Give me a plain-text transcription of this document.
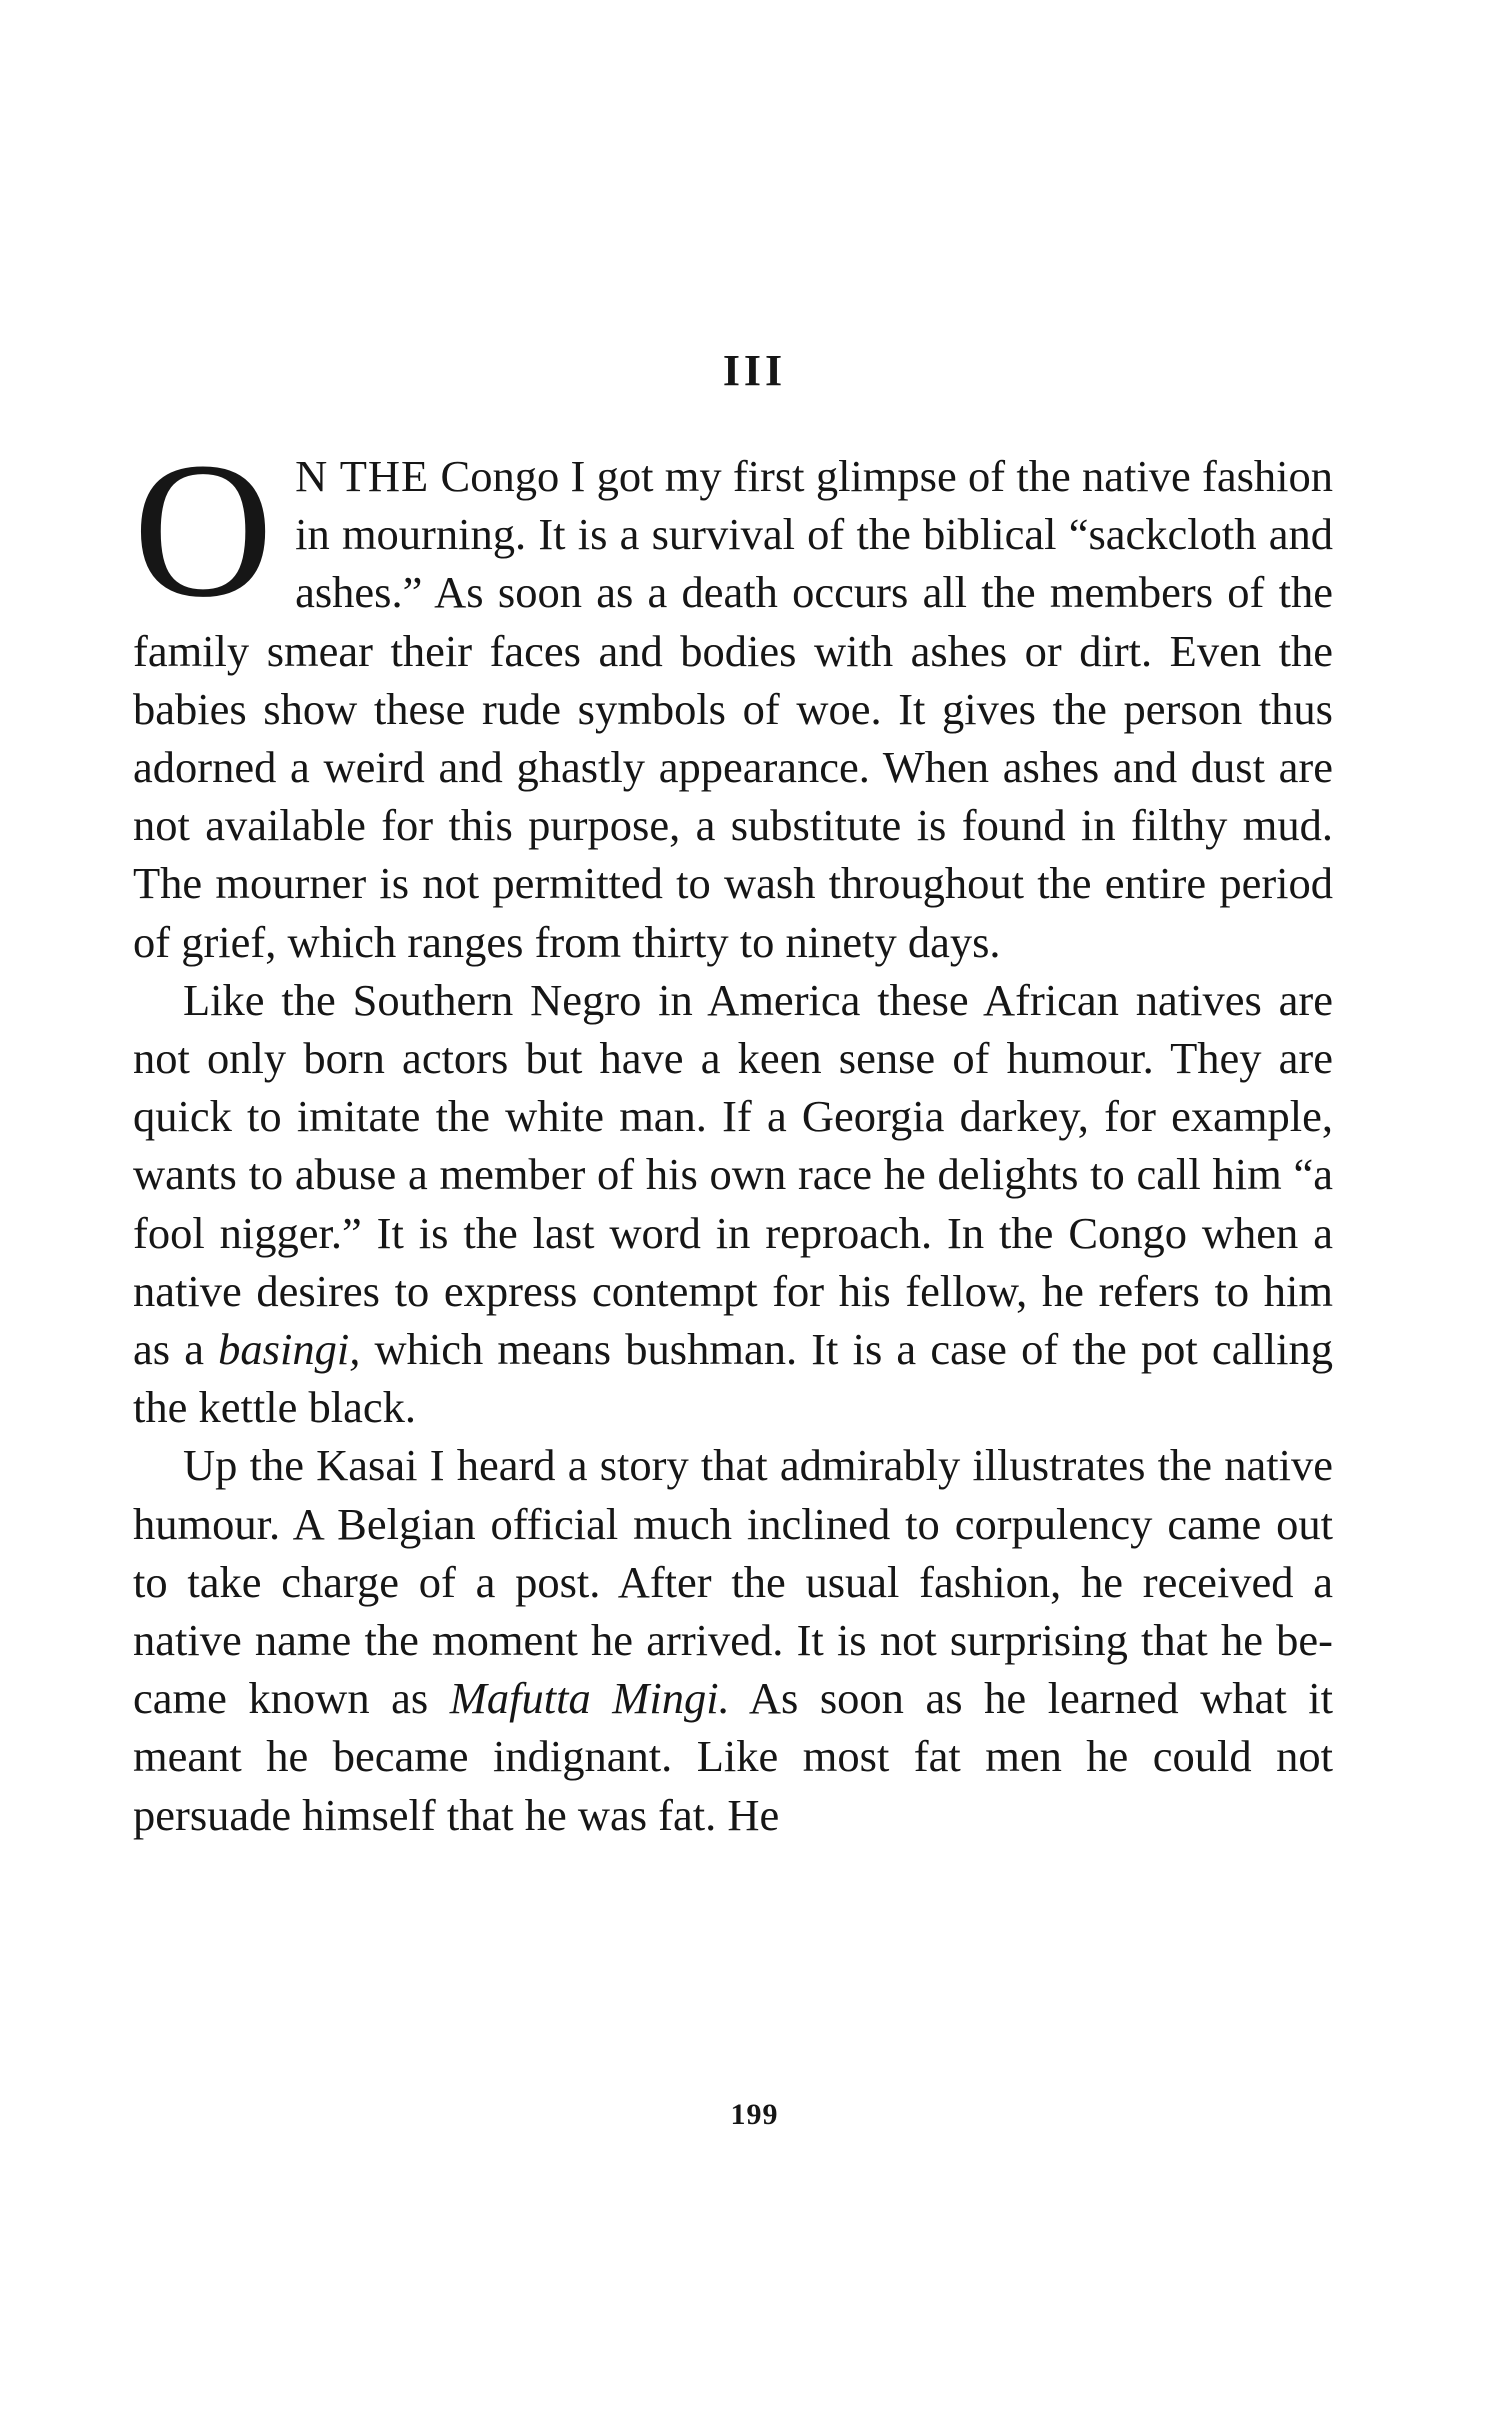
III

O N THE Congo I got my first glimpse of the native fashion in mourning. It is a survival of the biblical “sackcloth and ashes.” As soon as a death occurs all the members of the family smear their faces and bodies with ashes or dirt. Even the babies show these rude symbols of woe. It gives the person thus adorned a weird and ghastly appearance. When ashes and dust are not available for this purpose, a substitute is found in filthy mud. The mourner is not permitted to wash throughout the entire period of grief, which ranges from thirty to ninety days.

Like the Southern Negro in America these African natives are not only born actors but have a keen sense of humour. They are quick to imitate the white man. If a Georgia darkey, for example, wants to abuse a member of his own race he delights to call him “a fool nigger.” It is the last word in reproach. In the Congo when a native desires to express contempt for his fellow, he refers to him as a basingi, which means bushman. It is a case of the pot calling the kettle black.

Up the Kasai I heard a story that admirably illustrates the native humour. A Belgian official much inclined to corpulency came out to take charge of a post. After the usual fashion, he received a native name the moment he arrived. It is not surprising that he became known as Mafutta Mingi. As soon as he learned what it meant he became indignant. Like most fat men he could not persuade himself that he was fat. He

199
